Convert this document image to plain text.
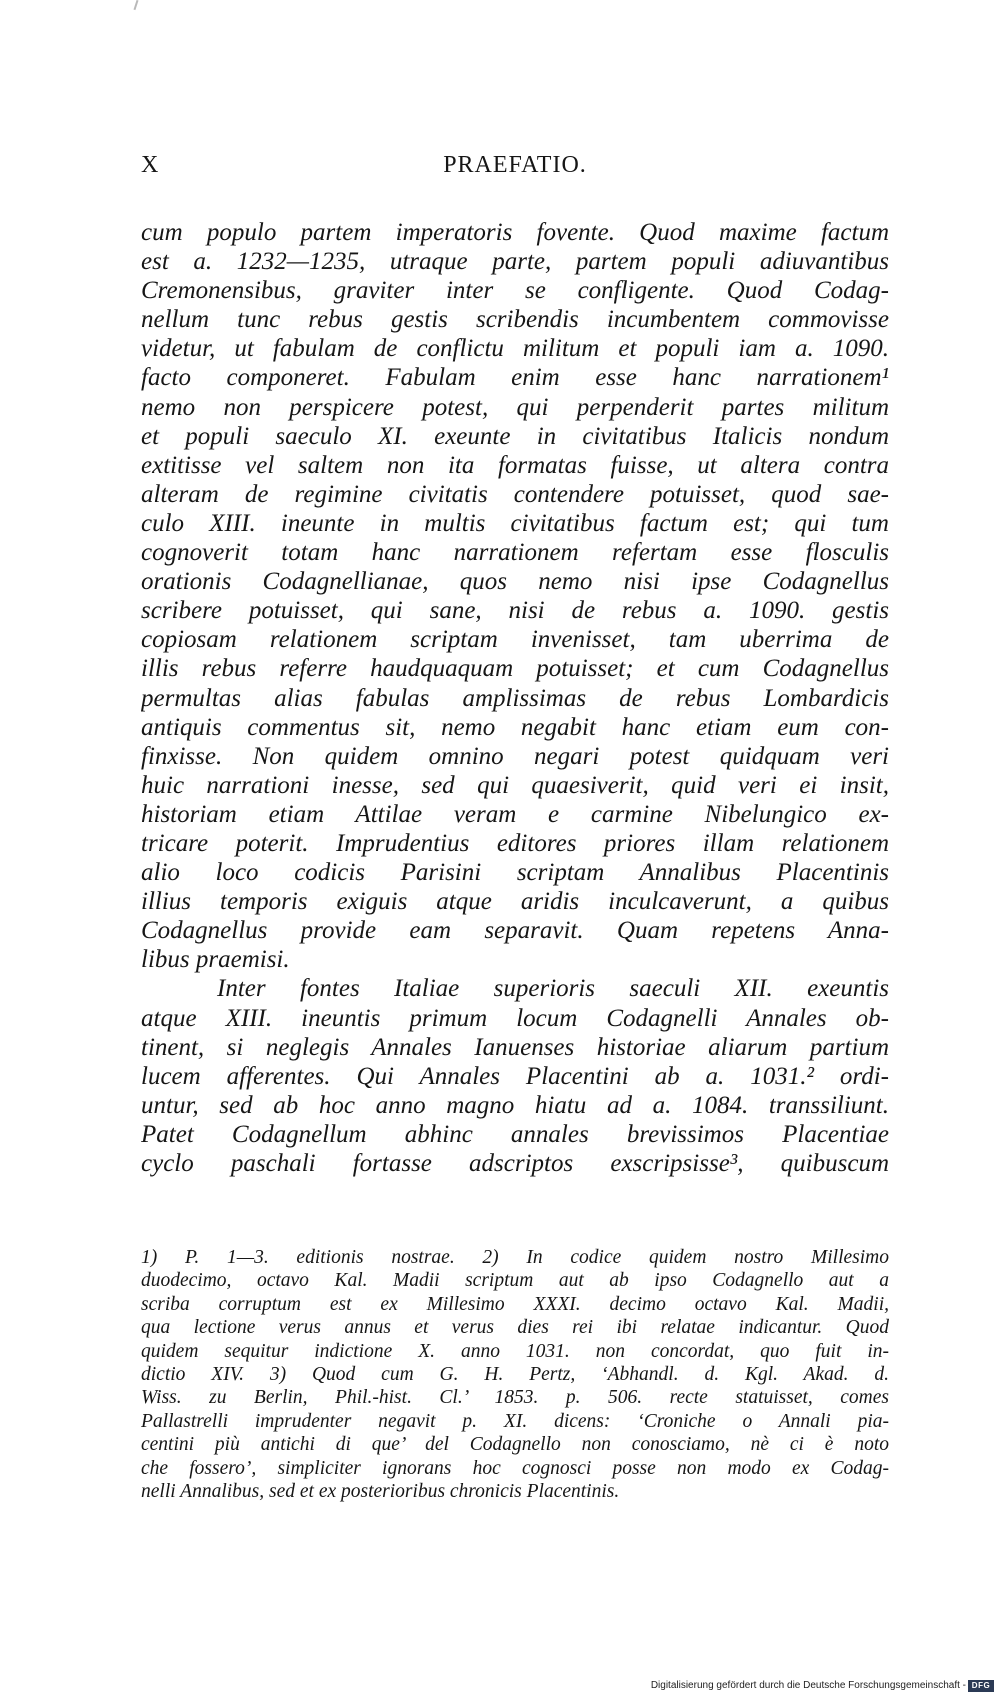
X	PRAEFATIO.
cum populo partem imperatoris fovente. Quod maxime factum
est a. 1232—1235, utraque parte, partem populi adiuvantibus
Cremonensibus, graviter inter se confligente. Quod Codag-
nellum tunc rebus gestis scribendis incumbentem commovisse
videtur, ut fabulam de conflictu militum et populi iam a. 1090.
facto componeret. Fabulam enim esse hanc narrationem¹
nemo non perspicere potest, qui perpenderit partes militum
et populi saeculo XI. exeunte in civitatibus Italicis nondum
extitisse vel saltem non ita formatas fuisse, ut altera contra
alteram de regimine civitatis contendere potuisset, quod sae-
culo XIII. ineunte in multis civitatibus factum est; qui tum
cognoverit totam hanc narrationem refertam esse flosculis
orationis Codagnellianae, quos nemo nisi ipse Codagnellus
scribere potuisset, qui sane, nisi de rebus a. 1090. gestis
copiosam relationem scriptam invenisset, tam uberrima de
illis rebus referre haudquaquam potuisset; et cum Codagnellus
permultas alias fabulas amplissimas de rebus Lombardicis
antiquis commentus sit, nemo negabit hanc etiam eum con-
finxisse. Non quidem omnino negari potest quidquam veri
huic narrationi inesse, sed qui quaesiverit, quid veri ei insit,
historiam etiam Attilae veram e carmine Nibelungico ex-
tricare poterit. Imprudentius editores priores illam relationem
alio loco codicis Parisini scriptam Annalibus Placentinis
illius temporis exiguis atque aridis inculcaverunt, a quibus
Codagnellus provide eam separavit. Quam repetens Anna-
libus praemisi.
Inter fontes Italiae superioris saeculi XII. exeuntis
atque XIII. ineuntis primum locum Codagnelli Annales ob-
tinent, si neglegis Annales Ianuenses historiae aliarum partium
lucem afferentes. Qui Annales Placentini ab a. 1031.² ordi-
untur, sed ab hoc anno magno hiatu ad a. 1084. transsiliunt.
Patet Codagnellum abhinc annales brevissimos Placentiae
cyclo paschali fortasse adscriptos exscripsisse³, quibuscum
1) P. 1—3. editionis nostrae. 2) In codice quidem nostro Millesimo
duodecimo, octavo Kal. Madii scriptum aut ab ipso Codagnello aut a
scriba corruptum est ex Millesimo XXXI. decimo octavo Kal. Madii,
qua lectione verus annus et verus dies rei ibi relatae indicantur. Quod
quidem sequitur indictione X. anno 1031. non concordat, quo fuit in-
dictio XIV. 3) Quod cum G. H. Pertz, ‘Abhandl. d. Kgl. Akad. d.
Wiss. zu Berlin, Phil.-hist. Cl.’ 1853. p. 506. recte statuisset, comes
Pallastrelli imprudenter negavit p. XI. dicens: ‘Croniche o Annali pia-
centini più antichi di que’ del Codagnello non conosciamo, nè ci è noto
che fossero’, simpliciter ignorans hoc cognosci posse non modo ex Codag-
nelli Annalibus, sed et ex posterioribus chronicis Placentinis.
Digitalisierung gefördert durch die Deutsche Forschungsgemeinschaft - DFG
